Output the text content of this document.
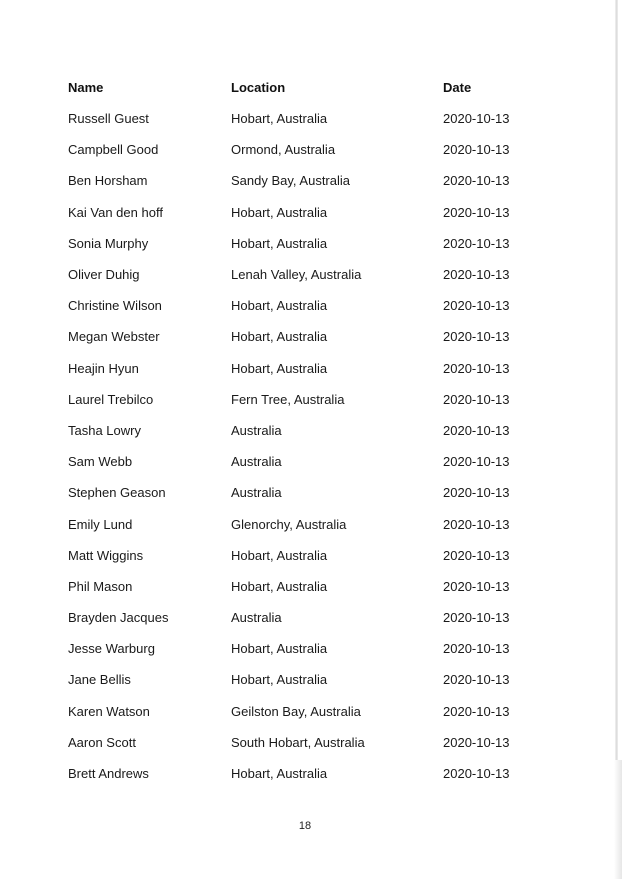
Name	Location	Date
Russell Guest	Hobart, Australia	2020-10-13
Campbell Good	Ormond, Australia	2020-10-13
Ben Horsham	Sandy Bay, Australia	2020-10-13
Kai Van den hoff	Hobart, Australia	2020-10-13
Sonia Murphy	Hobart, Australia	2020-10-13
Oliver Duhig	Lenah Valley, Australia	2020-10-13
Christine Wilson	Hobart, Australia	2020-10-13
Megan Webster	Hobart, Australia	2020-10-13
Heajin Hyun	Hobart, Australia	2020-10-13
Laurel Trebilco	Fern Tree, Australia	2020-10-13
Tasha Lowry	Australia	2020-10-13
Sam Webb	Australia	2020-10-13
Stephen Geason	Australia	2020-10-13
Emily Lund	Glenorchy, Australia	2020-10-13
Matt Wiggins	Hobart, Australia	2020-10-13
Phil Mason	Hobart, Australia	2020-10-13
Brayden Jacques	Australia	2020-10-13
Jesse Warburg	Hobart, Australia	2020-10-13
Jane Bellis	Hobart, Australia	2020-10-13
Karen Watson	Geilston Bay, Australia	2020-10-13
Aaron Scott	South Hobart, Australia	2020-10-13
Brett Andrews	Hobart, Australia	2020-10-13
18
